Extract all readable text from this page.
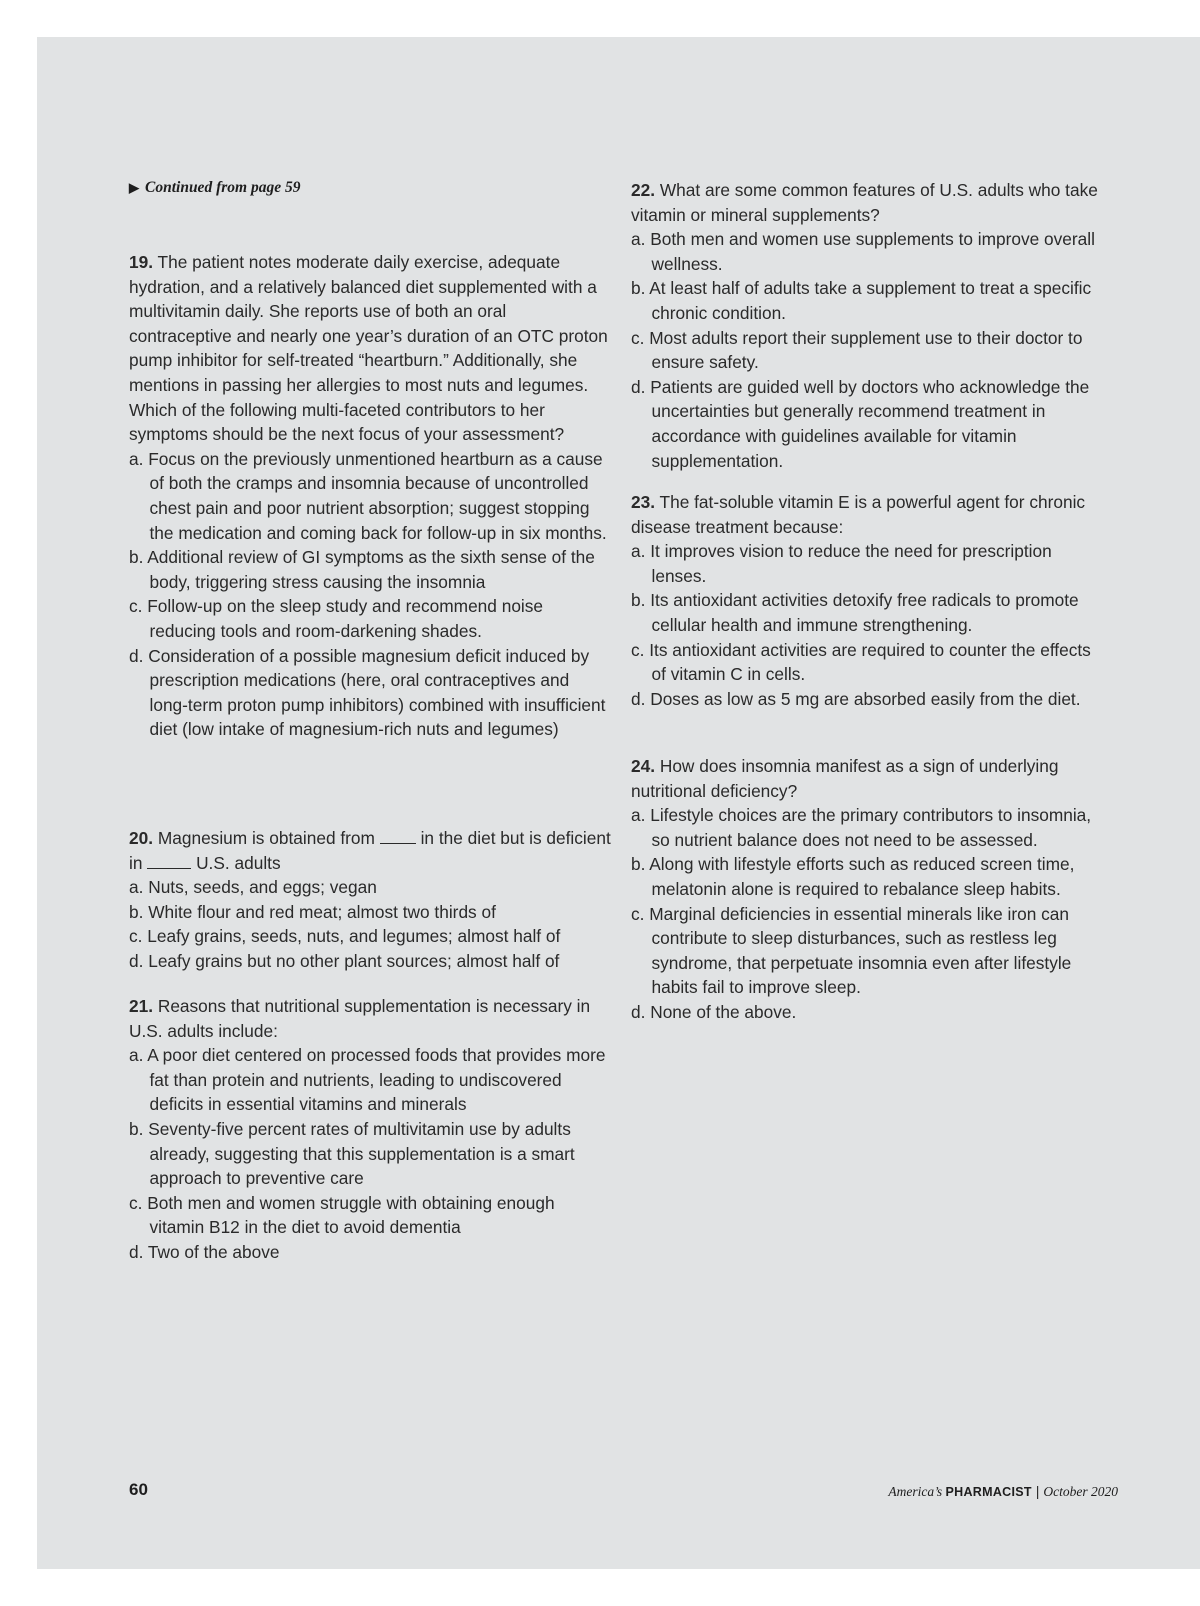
▶ Continued from page 59

19. The patient notes moderate daily exercise, adequate hydration, and a relatively balanced diet supplemented with a multivitamin daily. She reports use of both an oral contraceptive and nearly one year’s duration of an OTC proton pump inhibitor for self-treated “heartburn.” Additionally, she mentions in passing her allergies to most nuts and legumes. Which of the following multi-faceted contributors to her symptoms should be the next focus of your assessment?

a. Focus on the previously unmentioned heartburn as a cause of both the cramps and insomnia because of uncontrolled chest pain and poor nutrient absorption; suggest stopping the medication and coming back for follow-up in six months.
b. Additional review of GI symptoms as the sixth sense of the body, triggering stress causing the insomnia
c. Follow-up on the sleep study and recommend noise reducing tools and room-darkening shades.
d. Consideration of a possible magnesium deficit induced by prescription medications (here, oral contraceptives and long-term proton pump inhibitors) combined with insufficient diet (low intake of magnesium-rich nuts and legumes)

20. Magnesium is obtained from	in the diet but is deficient in	U.S. adults

a. Nuts, seeds, and eggs; vegan
b. White flour and red meat; almost two thirds of
c. Leafy grains, seeds, nuts, and legumes; almost half of
d. Leafy grains but no other plant sources; almost half of

21. Reasons that nutritional supplementation is necessary in U.S. adults include:

a. A poor diet centered on processed foods that provides more fat than protein and nutrients, leading to undiscovered deficits in essential vitamins and minerals
b. Seventy-five percent rates of multivitamin use by adults already, suggesting that this supplementation is a smart approach to preventive care
c. Both men and women struggle with obtaining enough vitamin B12 in the diet to avoid dementia
d. Two of the above

22. What are some common features of U.S. adults who take vitamin or mineral supplements?

a. Both men and women use supplements to improve overall wellness.
b. At least half of adults take a supplement to treat a specific chronic condition.
c. Most adults report their supplement use to their doctor to ensure safety.
d. Patients are guided well by doctors who acknowledge the uncertainties but generally recommend treatment in accordance with guidelines available for vitamin supplementation.

23. The fat-soluble vitamin E is a powerful agent for chronic disease treatment because:

a. It improves vision to reduce the need for prescription lenses.
b. Its antioxidant activities detoxify free radicals to promote cellular health and immune strengthening.
c. Its antioxidant activities are required to counter the effects of vitamin C in cells.
d. Doses as low as 5 mg are absorbed easily from the diet.

24. How does insomnia manifest as a sign of underlying nutritional deficiency?

a. Lifestyle choices are the primary contributors to insomnia, so nutrient balance does not need to be assessed.
b. Along with lifestyle efforts such as reduced screen time, melatonin alone is required to rebalance sleep habits.
c. Marginal deficiencies in essential minerals like iron can contribute to sleep disturbances, such as restless leg syndrome, that perpetuate insomnia even after lifestyle habits fail to improve sleep.
d. None of the above.
60	America’s PHARMACIST | October 2020
